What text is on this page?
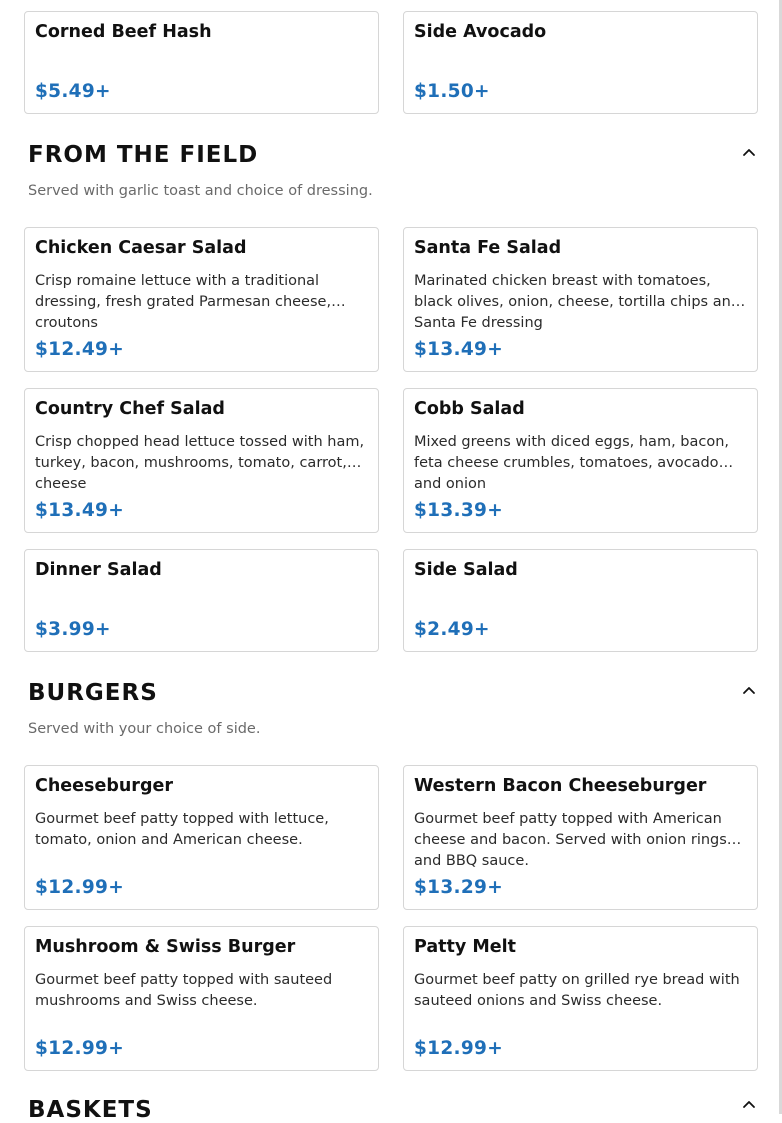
Corned Beef Hash
$5.49+
Side Avocado
$1.50+
FROM THE FIELD
Served with garlic toast and choice of dressing.
Chicken Caesar Salad
Crisp romaine lettuce with a traditional dressing, fresh grated Parmesan cheese, croutons
$12.49+
Santa Fe Salad
Marinated chicken breast with tomatoes, black olives, onion, cheese, tortilla chips and Santa Fe dressing
$13.49+
Country Chef Salad
Crisp chopped head lettuce tossed with ham, turkey, bacon, mushrooms, tomato, carrot, cheese
$13.49+
Cobb Salad
Mixed greens with diced eggs, ham, bacon, feta cheese crumbles, tomatoes, avocado and onion
$13.39+
Dinner Salad
$3.99+
Side Salad
$2.49+
BURGERS
Served with your choice of side.
Cheeseburger
Gourmet beef patty topped with lettuce, tomato, onion and American cheese.
$12.99+
Western Bacon Cheeseburger
Gourmet beef patty topped with American cheese and bacon. Served with onion rings and BBQ sauce.
$13.29+
Mushroom & Swiss Burger
Gourmet beef patty topped with sauteed mushrooms and Swiss cheese.
$12.99+
Patty Melt
Gourmet beef patty on grilled rye bread with sauteed onions and Swiss cheese.
$12.99+
BASKETS
